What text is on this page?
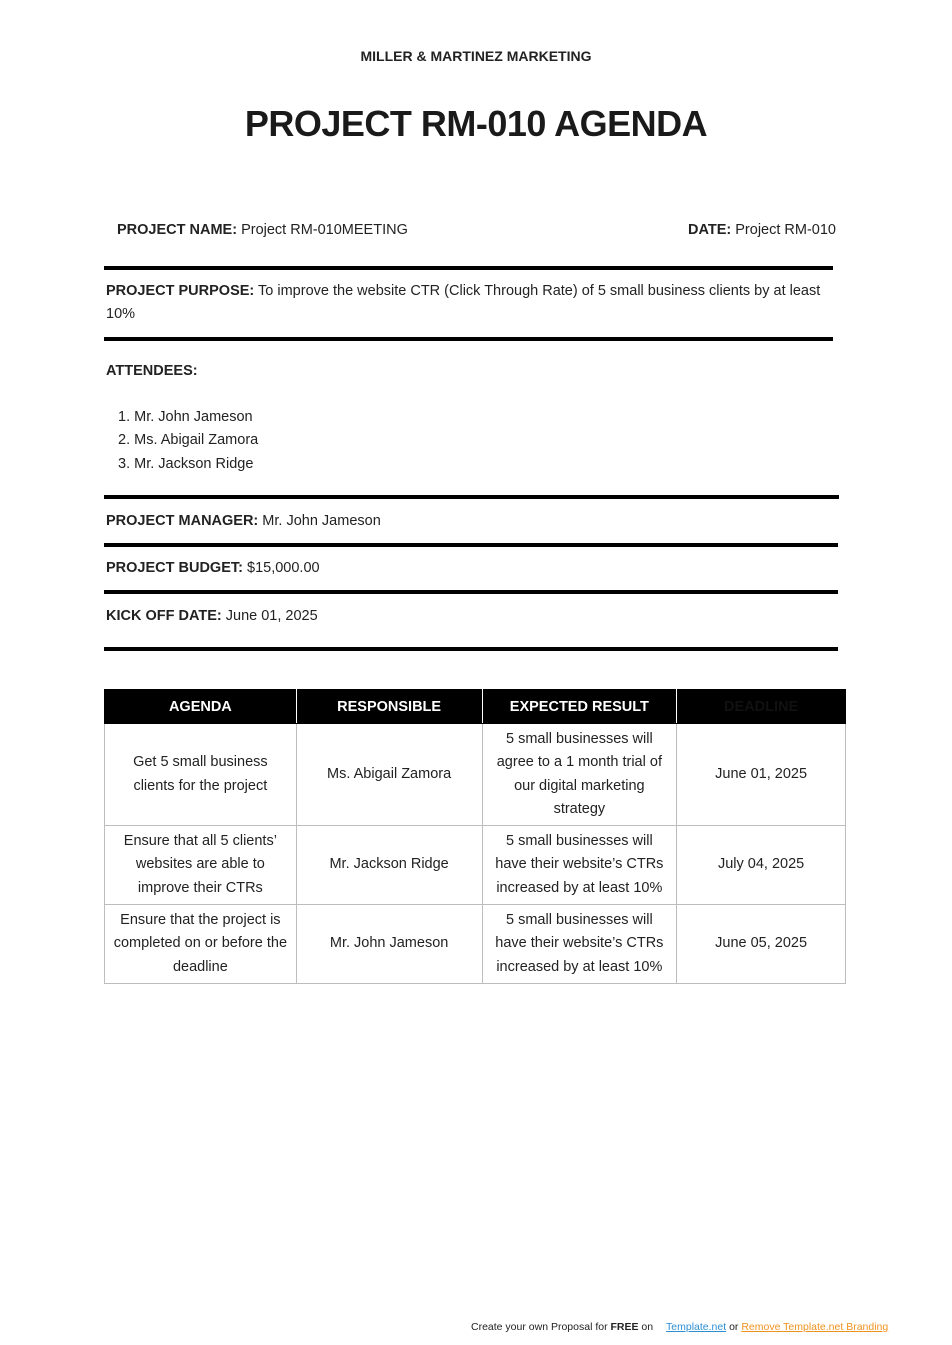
MILLER & MARTINEZ MARKETING
PROJECT RM-010 AGENDA
PROJECT NAME: Project RM-010MEETING	DATE: Project RM-010
PROJECT PURPOSE: To improve the website CTR (Click Through Rate) of 5 small business clients by at least 10%
ATTENDEES:
1. Mr. John Jameson
2. Ms. Abigail Zamora
3. Mr. Jackson Ridge
PROJECT MANAGER: Mr. John Jameson
PROJECT BUDGET: $15,000.00
KICK OFF DATE: June 01, 2025
AGENDA	RESPONSIBLE	EXPECTED RESULT	DEADLINE
Get 5 small business clients for the project	Ms. Abigail Zamora	5 small businesses will agree to a 1 month trial of our digital marketing strategy	June 01, 2025
Ensure that all 5 clients’ websites are able to improve their CTRs	Mr. Jackson Ridge	5 small businesses will have their website’s CTRs increased by at least 10%	July 04, 2025
Ensure that the project is completed on or before the deadline	Mr. John Jameson	5 small businesses will have their website’s CTRs increased by at least 10%	June 05, 2025
Create your own Proposal for FREE on Template.net or Remove Template.net Branding
